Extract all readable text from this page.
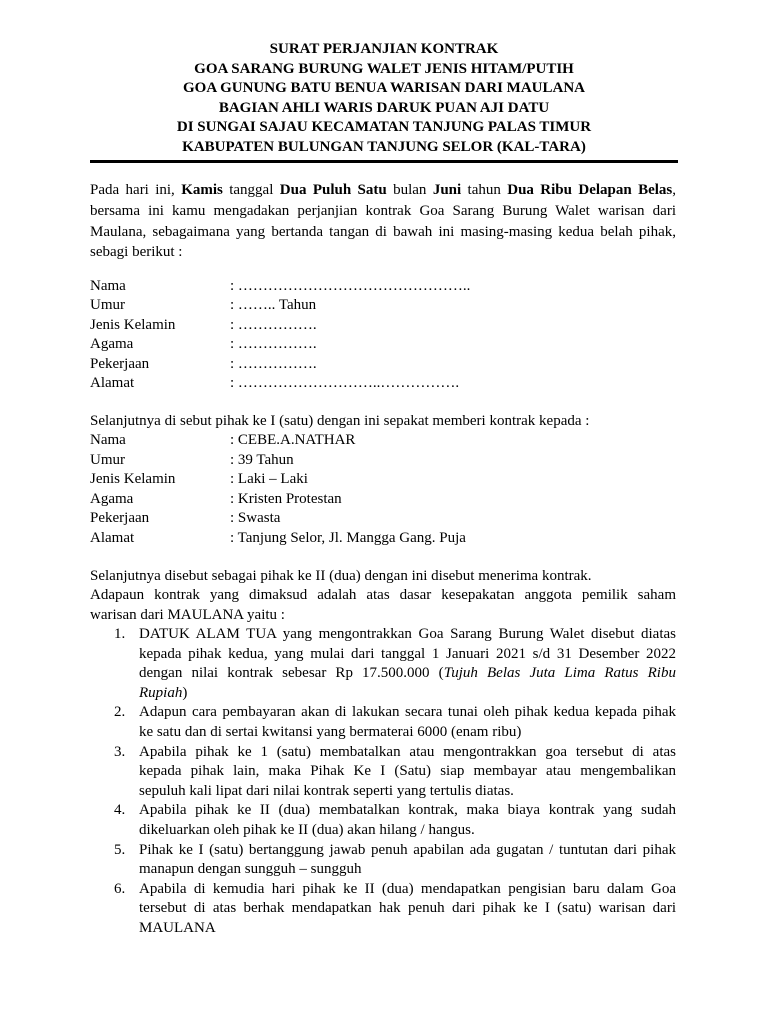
SURAT PERJANJIAN KONTRAK
GOA SARANG BURUNG WALET JENIS HITAM/PUTIH
GOA GUNUNG BATU BENUA WARISAN DARI MAULANA
BAGIAN AHLI WARIS DARUK PUAN AJI DATU
DI SUNGAI SAJAU KECAMATAN TANJUNG PALAS TIMUR
KABUPATEN BULUNGAN TANJUNG SELOR (KAL-TARA)
Pada hari ini, Kamis tanggal Dua Puluh Satu bulan Juni tahun Dua Ribu Delapan Belas,
bersama ini kamu mengadakan perjanjian kontrak Goa Sarang Burung Walet warisan dari
Maulana, sebagaimana yang bertanda tangan di bawah ini masing-masing kedua belah pihak,
sebagi berikut :
Nama	: ………………………………………..
Umur	: …….. Tahun
Jenis Kelamin	: …………….
Agama	: …………….
Pekerjaan	: …………….
Alamat	: ………………………..…………….
Selanjutnya di sebut pihak ke I (satu) dengan ini sepakat memberi kontrak kepada :
Nama	: CEBE.A.NATHAR
Umur	: 39 Tahun
Jenis Kelamin	: Laki – Laki
Agama	: Kristen Protestan
Pekerjaan	: Swasta
Alamat	: Tanjung Selor, Jl. Mangga Gang. Puja
Selanjutnya disebut sebagai pihak ke II (dua) dengan ini disebut menerima kontrak.
Adapaun kontrak yang dimaksud adalah atas dasar kesepakatan anggota pemilik saham
warisan dari MAULANA yaitu :
1. DATUK ALAM TUA yang mengontrakkan Goa Sarang Burung Walet disebut diatas
kepada pihak kedua, yang mulai dari tanggal 1 Januari 2021 s/d 31 Desember 2022
dengan nilai kontrak sebesar Rp 17.500.000 (Tujuh Belas Juta Lima Ratus Ribu
Rupiah)
2. Adapun cara pembayaran akan di lakukan secara tunai oleh pihak kedua kepada pihak
ke satu dan di sertai kwitansi yang bermaterai 6000 (enam ribu)
3. Apabila pihak ke 1 (satu) membatalkan atau mengontrakkan goa tersebut di atas
kepada pihak lain, maka Pihak Ke I (Satu) siap membayar atau mengembalikan
sepuluh kali lipat dari nilai kontrak seperti yang tertulis diatas.
4. Apabila pihak ke II (dua) membatalkan kontrak, maka biaya kontrak yang sudah
dikeluarkan oleh pihak ke II (dua) akan hilang / hangus.
5. Pihak ke I (satu) bertanggung jawab penuh apabilan ada gugatan / tuntutan dari pihak
manapun dengan sungguh – sungguh
6. Apabila di kemudia hari pihak ke II (dua) mendapatkan pengisian baru dalam Goa
tersebut di atas berhak mendapatkan hak penuh dari pihak ke I (satu) warisan dari
MAULANA
